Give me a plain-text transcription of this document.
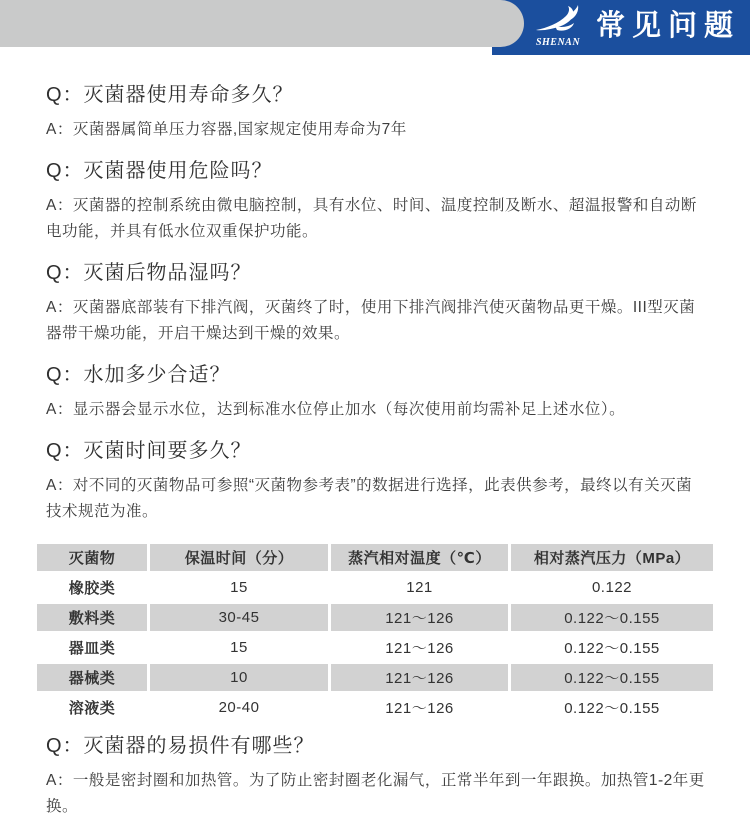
SHENAN
常见问题
Q：灭菌器使用寿命多久？

A：灭菌器属简单压力容器,国家规定使用寿命为7年

Q：灭菌器使用危险吗？

A：灭菌器的控制系统由微电脑控制，具有水位、时间、温度控制及断水、超温报警和自动断电功能，并具有低水位双重保护功能。

Q：灭菌后物品湿吗？

A：灭菌器底部装有下排汽阀，灭菌终了时，使用下排汽阀排汽使灭菌物品更干燥。III型灭菌器带干燥功能，开启干燥达到干燥的效果。

Q：水加多少合适？

A：显示器会显示水位，达到标准水位停止加水（每次使用前均需补足上述水位）。

Q：灭菌时间要多久？

A：对不同的灭菌物品可参照“灭菌物参考表”的数据进行选择，此表供参考，最终以有关灭菌技术规范为准。

灭菌物	保温时间（分）	蒸汽相对温度（℃）	相对蒸汽压力（MPa）
橡胶类	15	121	0.122
敷料类	30-45	121～126	0.122～0.155
器皿类	15	121～126	0.122～0.155
器械类	10	121～126	0.122～0.155
溶液类	20-40	121～126	0.122～0.155
Q：灭菌器的易损件有哪些？

A：一般是密封圈和加热管。为了防止密封圈老化漏气，正常半年到一年跟换。加热管1-2年更换。
